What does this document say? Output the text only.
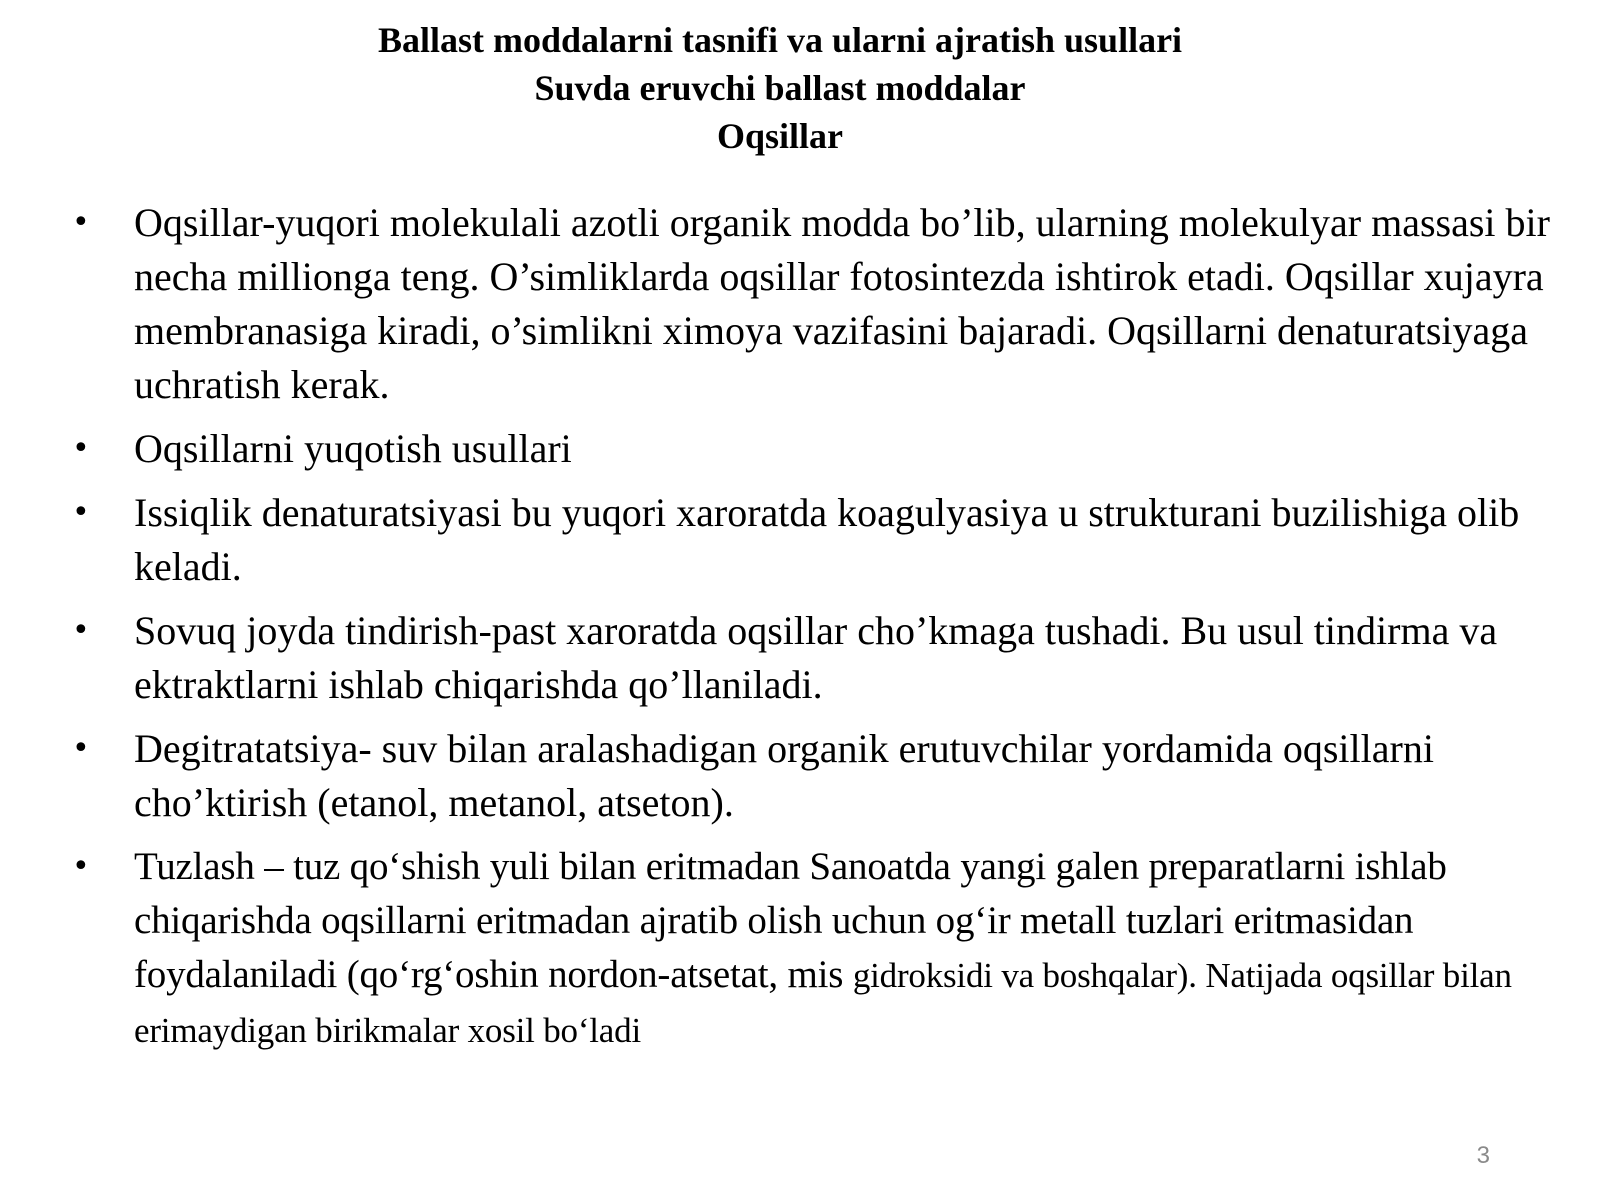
Ballast moddalarni tasnifi va ularni ajratish usullari
Suvda eruvchi ballast moddalar
Oqsillar
• Oqsillar-yuqori molekulali azotli organik modda bo’lib, ularning molekulyar massasi bir necha millionga teng. O’simliklarda oqsillar fotosintezda ishtirok etadi. Oqsillar xujayra membranasiga kiradi, o’simlikni ximoya vazifasini bajaradi. Oqsillarni denaturatsiyaga uchratish kerak.
• Oqsillarni yuqotish usullari
• Issiqlik denaturatsiyasi bu yuqori xaroratda koagulyasiya u strukturani buzilishiga olib keladi.
• Sovuq joyda tindirish-past xaroratda oqsillar cho’kmaga tushadi. Bu usul tindirma va ektraktlarni ishlab chiqarishda qo’llaniladi.
• Degitratatsiya- suv bilan aralashadigan organik erutuvchilar yordamida oqsillarni cho’ktirish (etanol, metanol, atseton).
• Tuzlash – tuz qo‘shish yuli bilan eritmadan Sanoatda yangi galen preparatlarni ishlab chiqarishda oqsillarni eritmadan ajratib olish uchun og‘ir metall tuzlari eritmasidan foydalaniladi (qo‘rg‘oshin nordon-atsetat, mis gidroksidi va boshqalar). Natijada oqsillar bilan erimaydigan birikmalar xosil bo‘ladi
3
